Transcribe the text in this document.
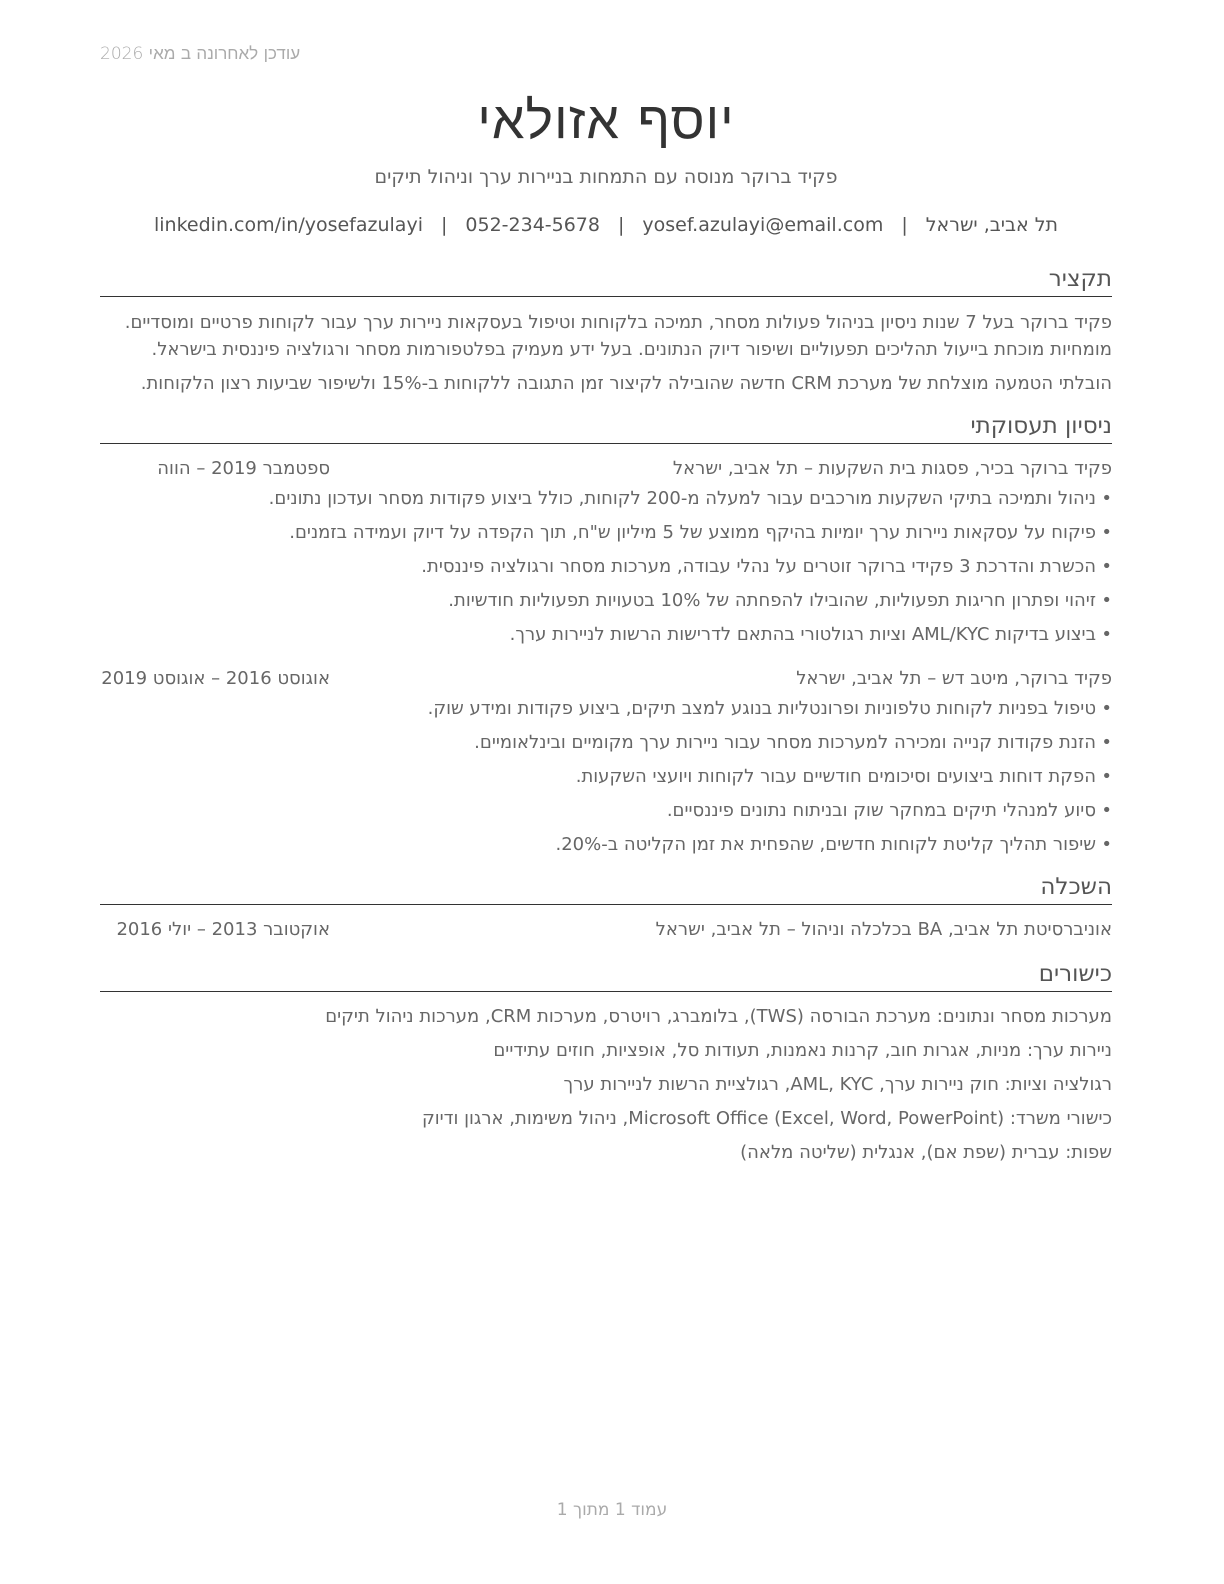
עודכן לאחרונה ב מאי 2026
יוסף אזולאי
פקיד ברוקר מנוסה עם התמחות בניירות ערך וניהול תיקים
תל אביב, ישראל
|
yosef.azulayi@email.com
|
052-234-5678
|
linkedin.com/in/yosefazulayi
תקציר

פקיד ברוקר בעל 7 שנות ניסיון בניהול פעולות מסחר, תמיכה בלקוחות וטיפול בעסקאות ניירות ערך עבור לקוחות פרטיים ומוסדיים. מומחיות מוכחת בייעול תהליכים תפעוליים ושיפור דיוק הנתונים. בעל ידע מעמיק בפלטפורמות מסחר ורגולציה פיננסית בישראל.

הובלתי הטמעה מוצלחת של מערכת CRM חדשה שהובילה לקיצור זמן התגובה ללקוחות ב-15% ולשיפור שביעות רצון הלקוחות.

ניסיון תעסוקתי
פקיד ברוקר בכיר, פסגות בית השקעות – תל אביב, ישראל
ספטמבר 2019 – הווה
• ניהול ותמיכה בתיקי השקעות מורכבים עבור למעלה מ-200 לקוחות, כולל ביצוע פקודות מסחר ועדכון נתונים.
• פיקוח על עסקאות ניירות ערך יומיות בהיקף ממוצע של 5 מיליון ש"ח, תוך הקפדה על דיוק ועמידה בזמנים.
• הכשרת והדרכת 3 פקידי ברוקר זוטרים על נהלי עבודה, מערכות מסחר ורגולציה פיננסית.
• זיהוי ופתרון חריגות תפעוליות, שהובילו להפחתה של 10% בטעויות תפעוליות חודשיות.
• ביצוע בדיקות AML/KYC וציות רגולטורי בהתאם לדרישות הרשות לניירות ערך.
פקיד ברוקר, מיטב דש – תל אביב, ישראל
אוגוסט 2016 – אוגוסט 2019
• טיפול בפניות לקוחות טלפוניות ופרונטליות בנוגע למצב תיקים, ביצוע פקודות ומידע שוק.
• הזנת פקודות קנייה ומכירה למערכות מסחר עבור ניירות ערך מקומיים ובינלאומיים.
• הפקת דוחות ביצועים וסיכומים חודשיים עבור לקוחות ויועצי השקעות.
• סיוע למנהלי תיקים במחקר שוק ובניתוח נתונים פיננסיים.
• שיפור תהליך קליטת לקוחות חדשים, שהפחית את זמן הקליטה ב-20%.
השכלה
אוניברסיטת תל אביב, BA בכלכלה וניהול – תל אביב, ישראל
אוקטובר 2013 – יולי 2016
כישורים

מערכות מסחר ונתונים: מערכת הבורסה (TWS), בלומברג, רויטרס, מערכות CRM, מערכות ניהול תיקים

ניירות ערך: מניות, אגרות חוב, קרנות נאמנות, תעודות סל, אופציות, חוזים עתידיים

רגולציה וציות: חוק ניירות ערך, AML, KYC, רגולציית הרשות לניירות ערך

כישורי משרד: Microsoft Office (Excel, Word, PowerPoint), ניהול משימות, ארגון ודיוק

שפות: עברית (שפת אם), אנגלית (שליטה מלאה)

עמוד 1 מתוך 1
